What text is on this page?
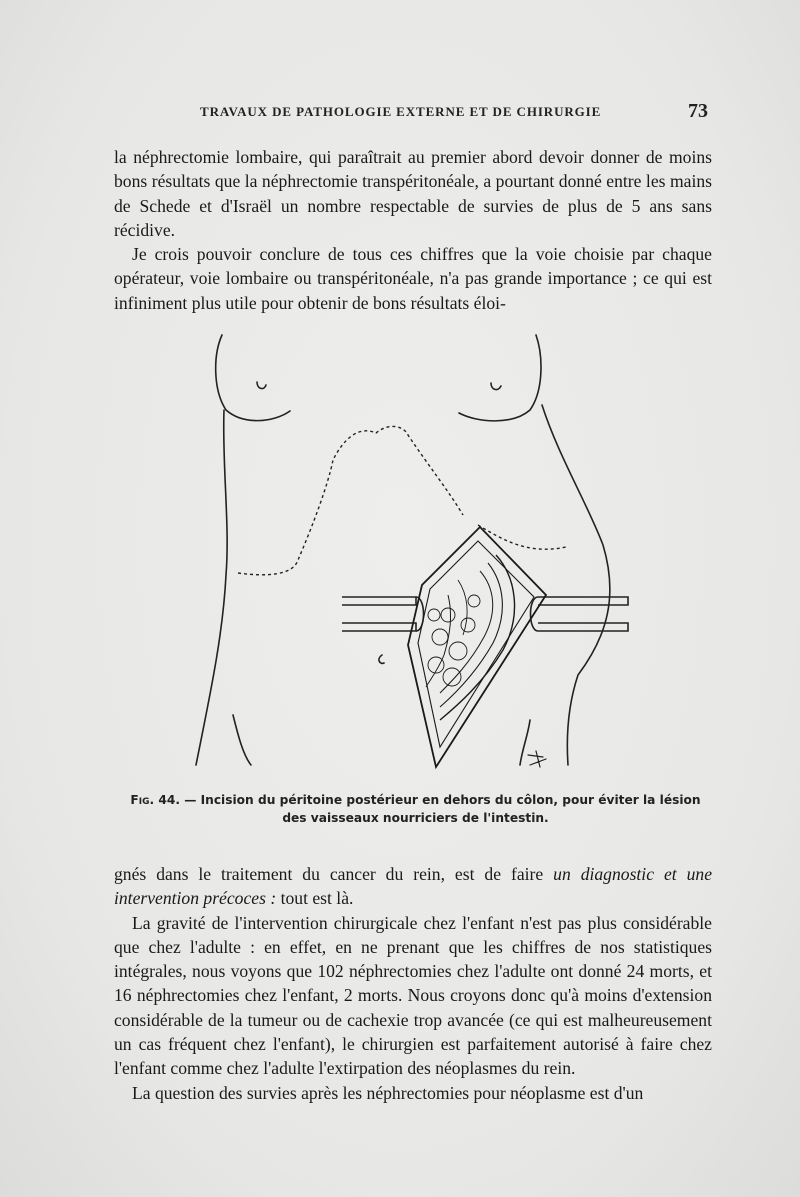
TRAVAUX DE PATHOLOGIE EXTERNE ET DE CHIRURGIE	73

la néphrectomie lombaire, qui paraîtrait au premier abord devoir donner de moins bons résultats que la néphrectomie transpéritonéale, a pourtant donné entre les mains de Schede et d'Israël un nombre respectable de survies de plus de 5 ans sans récidive.

Je crois pouvoir conclure de tous ces chiffres que la voie choisie par chaque opérateur, voie lombaire ou transpéritonéale, n'a pas grande importance ; ce qui est infiniment plus utile pour obtenir de bons résultats éloi-

Fig. 44. — Incision du péritoine postérieur en dehors du côlon, pour éviter la lésion des vaisseaux nourriciers de l'intestin.

gnés dans le traitement du cancer du rein, est de faire un diagnostic et une intervention précoces : tout est là.

La gravité de l'intervention chirurgicale chez l'enfant n'est pas plus considérable que chez l'adulte : en effet, en ne prenant que les chiffres de nos statistiques intégrales, nous voyons que 102 néphrectomies chez l'adulte ont donné 24 morts, et 16 néphrectomies chez l'enfant, 2 morts. Nous croyons donc qu'à moins d'extension considérable de la tumeur ou de cachexie trop avancée (ce qui est malheureusement un cas fréquent chez l'enfant), le chirurgien est parfaitement autorisé à faire chez l'enfant comme chez l'adulte l'extirpation des néoplasmes du rein.

La question des survies après les néphrectomies pour néoplasme est d'un
